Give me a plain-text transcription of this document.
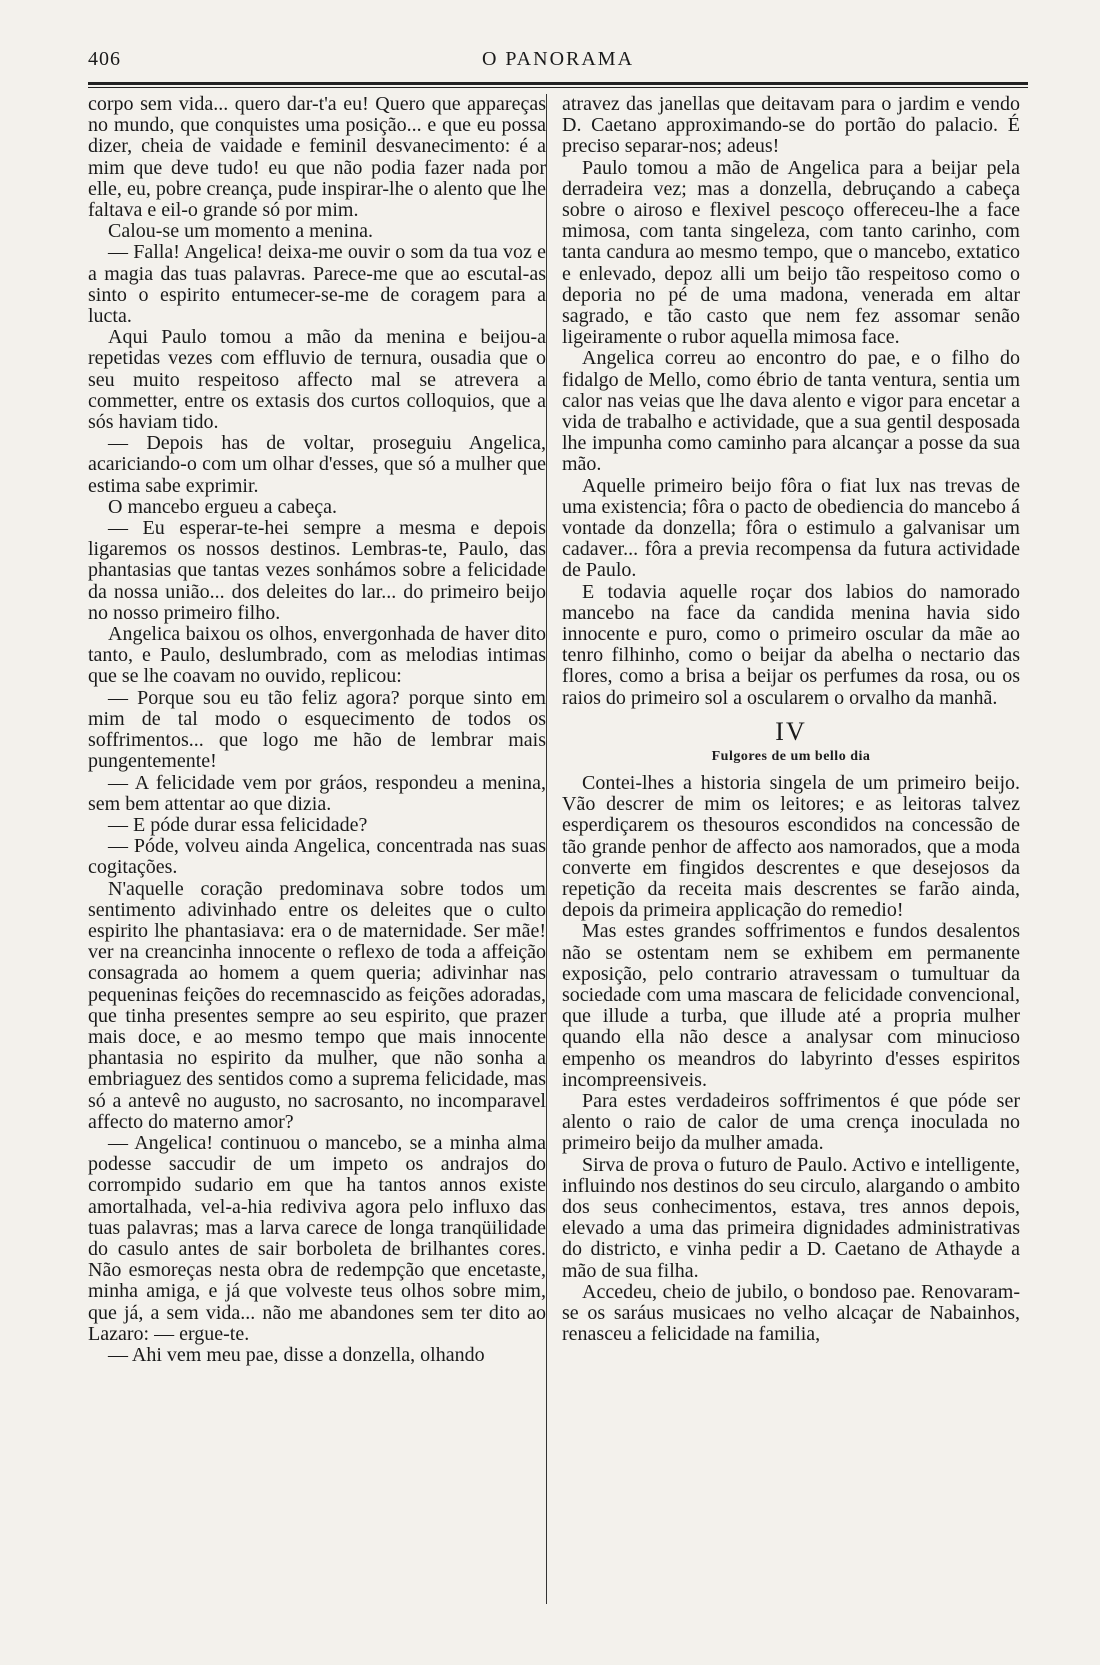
406	O PANORAMA

corpo sem vida... quero dar-t'a eu! Quero que appareças no mundo, que conquistes uma posição... e que eu possa dizer, cheia de vaidade e feminil desvanecimento: é a mim que deve tudo! eu que não podia fazer nada por elle, eu, pobre creança, pude inspirar-lhe o alento que lhe faltava e eil-o grande só por mim.

Calou-se um momento a menina.

— Falla! Angelica! deixa-me ouvir o som da tua voz e a magia das tuas palavras. Parece-me que ao escutal-as sinto o espirito entumecer-se-me de coragem para a lucta.

Aqui Paulo tomou a mão da menina e beijou-a repetidas vezes com effluvio de ternura, ousadia que o seu muito respeitoso affecto mal se atrevera a commetter, entre os extasis dos curtos colloquios, que a sós haviam tido.

— Depois has de voltar, proseguiu Angelica, acariciando-o com um olhar d'esses, que só a mulher que estima sabe exprimir.

O mancebo ergueu a cabeça.

— Eu esperar-te-hei sempre a mesma e depois ligaremos os nossos destinos. Lembras-te, Paulo, das phantasias que tantas vezes sonhámos sobre a felicidade da nossa união... dos deleites do lar... do primeiro beijo no nosso primeiro filho.

Angelica baixou os olhos, envergonhada de haver dito tanto, e Paulo, deslumbrado, com as melodias intimas que se lhe coavam no ouvido, replicou:

— Porque sou eu tão feliz agora? porque sinto em mim de tal modo o esquecimento de todos os soffrimentos... que logo me hão de lembrar mais pungentemente!

— A felicidade vem por gráos, respondeu a menina, sem bem attentar ao que dizia.

— E póde durar essa felicidade?

— Póde, volveu ainda Angelica, concentrada nas suas cogitações.

N'aquelle coração predominava sobre todos um sentimento adivinhado entre os deleites que o culto espirito lhe phantasiava: era o de maternidade. Ser mãe! ver na creancinha innocente o reflexo de toda a affeição consagrada ao homem a quem queria; adivinhar nas pequeninas feições do recemnascido as feições adoradas, que tinha presentes sempre ao seu espirito, que prazer mais doce, e ao mesmo tempo que mais innocente phantasia no espirito da mulher, que não sonha a embriaguez des sentidos como a suprema felicidade, mas só a antevê no augusto, no sacrosanto, no incomparavel affecto do materno amor?

— Angelica! continuou o mancebo, se a minha alma podesse saccudir de um impeto os andrajos do corrompido sudario em que ha tantos annos existe amortalhada, vel-a-hia rediviva agora pelo influxo das tuas palavras; mas a larva carece de longa tranqüilidade do casulo antes de sair borboleta de brilhantes cores. Não esmoreças nesta obra de redempção que encetaste, minha amiga, e já que volveste teus olhos sobre mim, que já, a sem vida... não me abandones sem ter dito ao Lazaro: — ergue-te.

— Ahi vem meu pae, disse a donzella, olhando

atravez das janellas que deitavam para o jardim e vendo D. Caetano approximando-se do portão do palacio. É preciso separar-nos; adeus!

Paulo tomou a mão de Angelica para a beijar pela derradeira vez; mas a donzella, debruçando a cabeça sobre o airoso e flexivel pescoço offereceu-lhe a face mimosa, com tanta singeleza, com tanto carinho, com tanta candura ao mesmo tempo, que o mancebo, extatico e enlevado, depoz alli um beijo tão respeitoso como o deporia no pé de uma madona, venerada em altar sagrado, e tão casto que nem fez assomar senão ligeiramente o rubor aquella mimosa face.

Angelica correu ao encontro do pae, e o filho do fidalgo de Mello, como ébrio de tanta ventura, sentia um calor nas veias que lhe dava alento e vigor para encetar a vida de trabalho e actividade, que a sua gentil desposada lhe impunha como caminho para alcançar a posse da sua mão.

Aquelle primeiro beijo fôra o fiat lux nas trevas de uma existencia; fôra o pacto de obediencia do mancebo á vontade da donzella; fôra o estimulo a galvanisar um cadaver... fôra a previa recompensa da futura actividade de Paulo.

E todavia aquelle roçar dos labios do namorado mancebo na face da candida menina havia sido innocente e puro, como o primeiro oscular da mãe ao tenro filhinho, como o beijar da abelha o nectario das flores, como a brisa a beijar os perfumes da rosa, ou os raios do primeiro sol a oscularem o orvalho da manhã.

IV
Fulgores de um bello dia

Contei-lhes a historia singela de um primeiro beijo. Vão descrer de mim os leitores; e as leitoras talvez esperdiçarem os thesouros escondidos na concessão de tão grande penhor de affecto aos namorados, que a moda converte em fingidos descrentes e que desejosos da repetição da receita mais descrentes se farão ainda, depois da primeira applicação do remedio!

Mas estes grandes soffrimentos e fundos desalentos não se ostentam nem se exhibem em permanente exposição, pelo contrario atravessam o tumultuar da sociedade com uma mascara de felicidade convencional, que illude a turba, que illude até a propria mulher quando ella não desce a analysar com minucioso empenho os meandros do labyrinto d'esses espiritos incompreensiveis.

Para estes verdadeiros soffrimentos é que póde ser alento o raio de calor de uma crença inoculada no primeiro beijo da mulher amada.

Sirva de prova o futuro de Paulo. Activo e intelligente, influindo nos destinos do seu circulo, alargando o ambito dos seus conhecimentos, estava, tres annos depois, elevado a uma das primeira dignidades administrativas do districto, e vinha pedir a D. Caetano de Athayde a mão de sua filha.

Accedeu, cheio de jubilo, o bondoso pae. Renovaram-se os saráus musicaes no velho alcaçar de Nabainhos, renasceu a felicidade na familia,
